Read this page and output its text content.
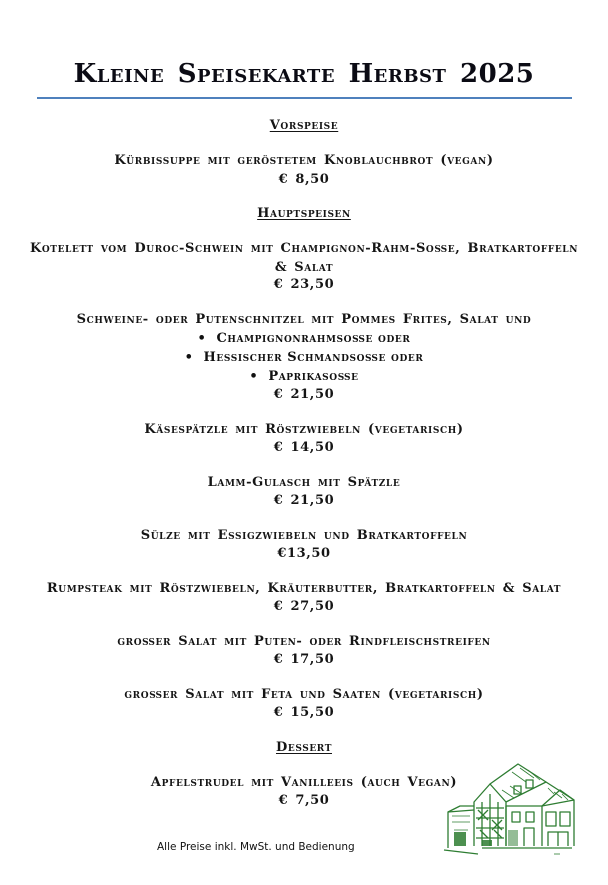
Kleine Speisekarte Herbst 2025
Vorspeise
Kürbissuppe mit geröstetem Knoblauchbrot (vegan)
€ 8,50
Hauptspeisen
Kotelett vom Duroc-Schwein mit Champignon-Rahm-Soße, Bratkartoffeln
& Salat
€ 23,50
Schweine- oder Putenschnitzel mit Pommes Frites, Salat und
• Champignonrahmsoße oder
• Hessischer Schmandsoße oder
• Paprikasoße
€ 21,50
Käsespätzle mit Röstzwiebeln (vegetarisch)
€ 14,50
Lamm-Gulasch mit Spätzle
€ 21,50
Sülze mit Essigzwiebeln und Bratkartoffeln
€13,50
Rumpsteak mit Röstzwiebeln, Kräuterbutter, Bratkartoffeln & Salat
€ 27,50
großer Salat mit Puten- oder Rindfleischstreifen
€ 17,50
großer Salat mit Feta und Saaten (vegetarisch)
€ 15,50
Dessert
Apfelstrudel mit Vanilleeis (auch Vegan)
€ 7,50
Alle Preise inkl. MwSt. und Bedienung
